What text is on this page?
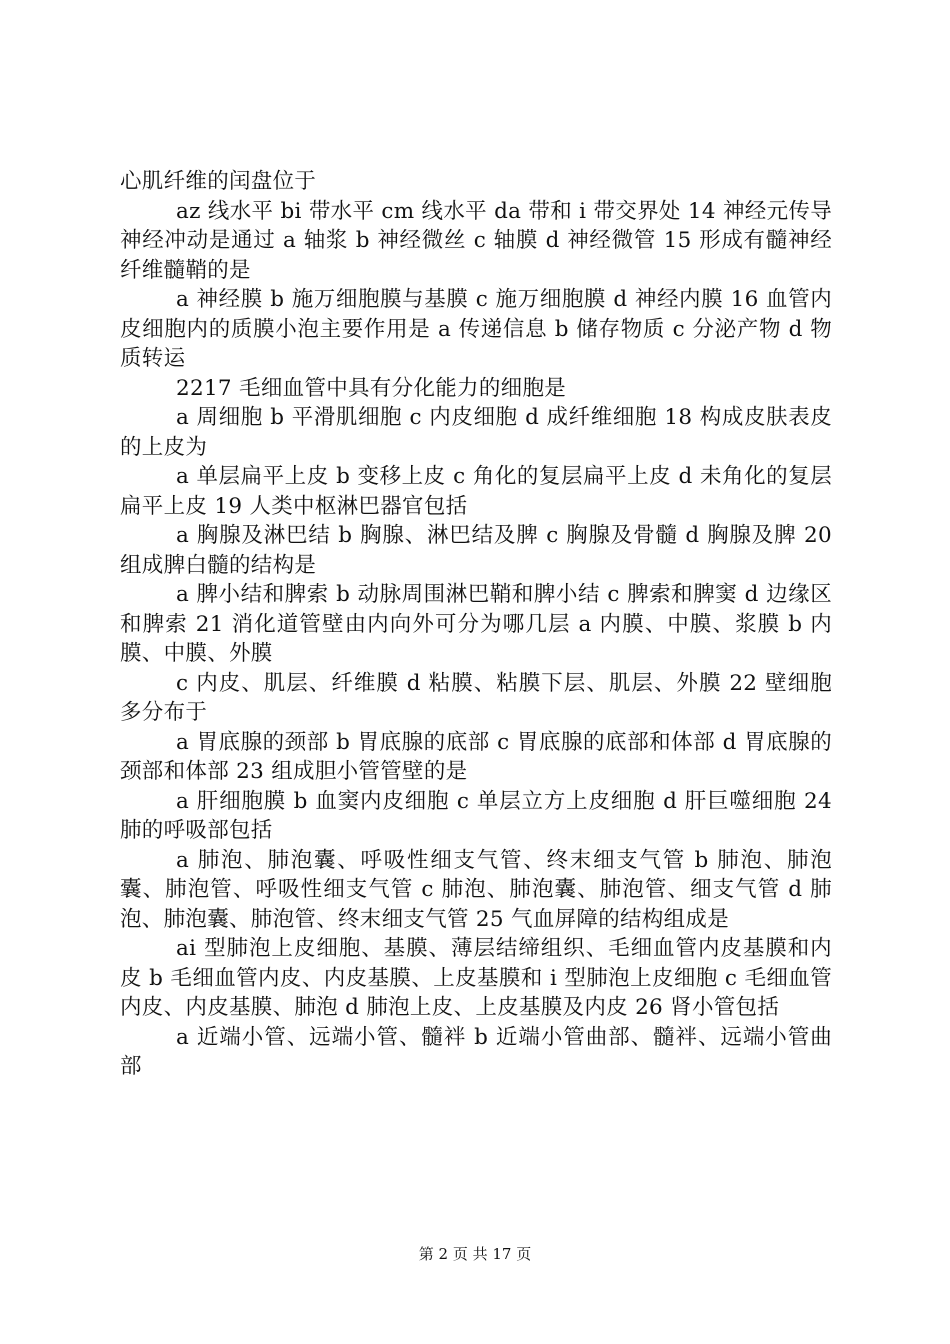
心肌纤维的闰盘位于

az 线水平 bi 带水平 cm 线水平 da 带和 i 带交界处 14 神经元传导神经冲动是通过 a 轴浆 b 神经微丝 c 轴膜 d 神经微管 15 形成有髓神经纤维髓鞘的是

a 神经膜 b 施万细胞膜与基膜 c 施万细胞膜 d 神经内膜 16 血管内皮细胞内的质膜小泡主要作用是 a 传递信息 b 储存物质 c 分泌产物 d 物质转运

2217 毛细血管中具有分化能力的细胞是

a 周细胞 b 平滑肌细胞 c 内皮细胞 d 成纤维细胞 18 构成皮肤表皮的上皮为

a 单层扁平上皮 b 变移上皮 c 角化的复层扁平上皮 d 未角化的复层扁平上皮 19 人类中枢淋巴器官包括

a 胸腺及淋巴结 b 胸腺、淋巴结及脾 c 胸腺及骨髓 d 胸腺及脾 20 组成脾白髓的结构是

a 脾小结和脾索 b 动脉周围淋巴鞘和脾小结 c 脾索和脾窦 d 边缘区和脾索 21 消化道管壁由内向外可分为哪几层 a 内膜、中膜、浆膜 b 内膜、中膜、外膜

c 内皮、肌层、纤维膜 d 粘膜、粘膜下层、肌层、外膜 22 壁细胞多分布于

a 胃底腺的颈部 b 胃底腺的底部 c 胃底腺的底部和体部 d 胃底腺的颈部和体部 23 组成胆小管管壁的是

a 肝细胞膜 b 血窦内皮细胞 c 单层立方上皮细胞 d 肝巨噬细胞 24 肺的呼吸部包括

a 肺泡、肺泡囊、呼吸性细支气管、终末细支气管 b 肺泡、肺泡囊、肺泡管、呼吸性细支气管 c 肺泡、肺泡囊、肺泡管、细支气管 d 肺泡、肺泡囊、肺泡管、终末细支气管 25 气血屏障的结构组成是

ai 型肺泡上皮细胞、基膜、薄层结缔组织、毛细血管内皮基膜和内皮 b 毛细血管内皮、内皮基膜、上皮基膜和 i 型肺泡上皮细胞 c 毛细血管内皮、内皮基膜、肺泡 d 肺泡上皮、上皮基膜及内皮 26 肾小管包括

a 近端小管、远端小管、髓袢 b 近端小管曲部、髓袢、远端小管曲部

第 2 页 共 17 页
